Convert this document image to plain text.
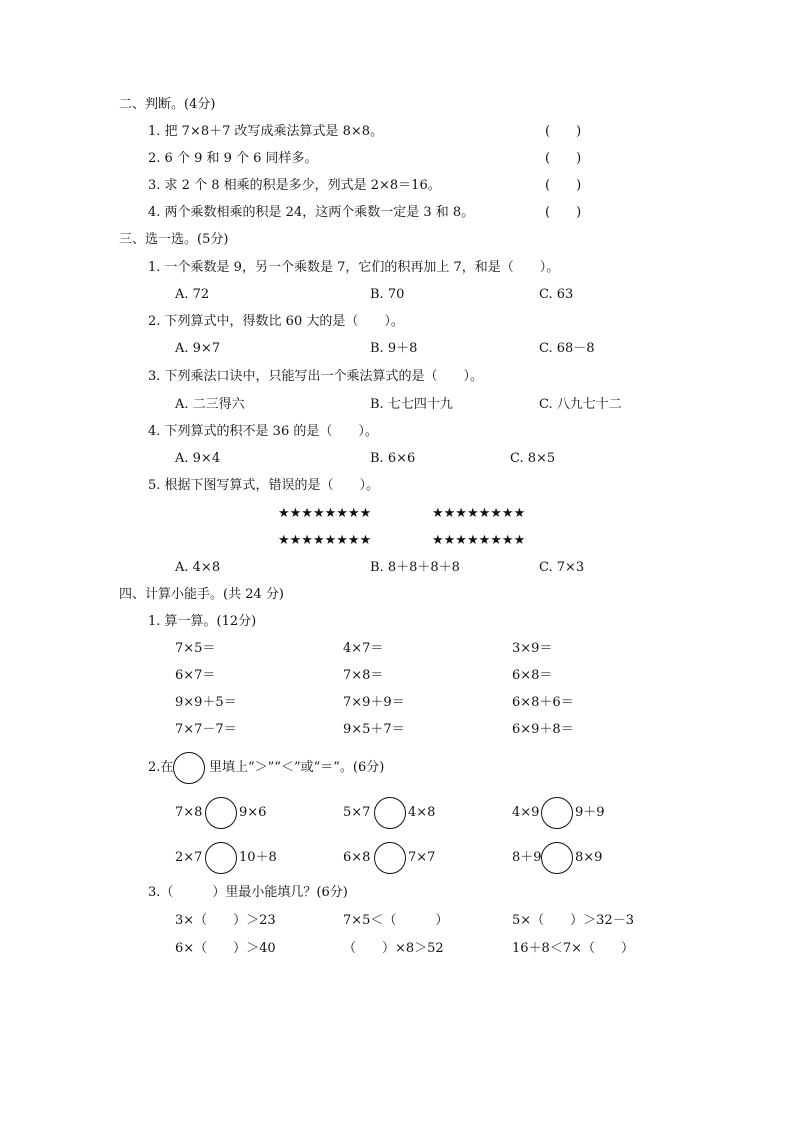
二、判断。(4分)
1. 把 7×8＋7 改写成乘法算式是 8×8。	(　　)
2. 6 个 9 和 9 个 6 同样多。	(　　)
3. 求 2 个 8 相乘的积是多少，列式是 2×8＝16。	(　　)
4. 两个乘数相乘的积是 24，这两个乘数一定是 3 和 8。	(　　)
三、选一选。(5分)
1. 一个乘数是 9，另一个乘数是 7，它们的积再加上 7，和是（　　）。
A. 72	B. 70	C. 63
2. 下列算式中，得数比 60 大的是（　　）。
A. 9×7	B. 9＋8	C. 68－8
3. 下列乘法口诀中，只能写出一个乘法算式的是（　　）。
A. 二三得六	B. 七七四十九	C. 八九七十二
4. 下列算式的积不是 36 的是（　　）。
A. 9×4	B. 6×6	C. 8×5
5. 根据下图写算式，错误的是（　　）。
★★★★★★★★	★★★★★★★★
★★★★★★★★	★★★★★★★★
A. 4×8	B. 8＋8＋8＋8	C. 7×3
四、计算小能手。(共 24 分)
1. 算一算。(12分)
7×5＝	4×7＝	3×9＝
6×7＝	7×8＝	6×8＝
9×9＋5＝	7×9＋9＝	6×8＋6＝
7×7－7＝	9×5＋7＝	6×9＋8＝
2.在	里填上“＞”“＜”或“＝”。(6分)
7×8	9×6	5×7	4×8	4×9	9＋9
2×7	10＋8	6×8	7×7	8＋9	8×9
3.（　　　）里最小能填几？(6分)
3×（　　）＞23	7×5＜（　　　）	5×（　　）＞32－3
6×（　　）＞40	（　　）×8＞52	16＋8＜7×（　　）
